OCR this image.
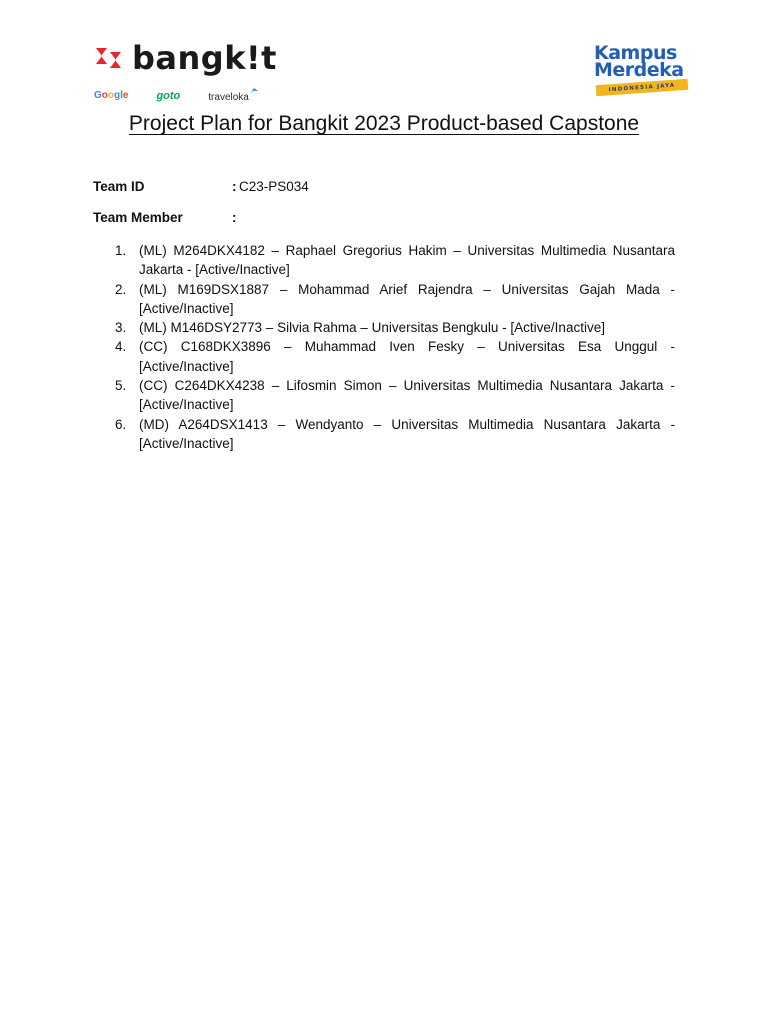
bangk!t
Google	goto	traveloka
Kampus
Merdeka
INDONESIA JAYA
Project Plan for Bangkit 2023 Product-based Capstone
Team ID	: C23-PS034
Team Member	:
1. (ML) M264DKX4182 – Raphael Gregorius Hakim – Universitas Multimedia Nusantara Jakarta - [Active/Inactive]
2. (ML) M169DSX1887 – Mohammad Arief Rajendra – Universitas Gajah Mada - [Active/Inactive]
3. (ML) M146DSY2773 – Silvia Rahma – Universitas Bengkulu - [Active/Inactive]
4. (CC) C168DKX3896 – Muhammad Iven Fesky – Universitas Esa Unggul - [Active/Inactive]
5. (CC) C264DKX4238 – Lifosmin Simon – Universitas Multimedia Nusantara Jakarta - [Active/Inactive]
6. (MD) A264DSX1413 – Wendyanto – Universitas Multimedia Nusantara Jakarta - [Active/Inactive]
